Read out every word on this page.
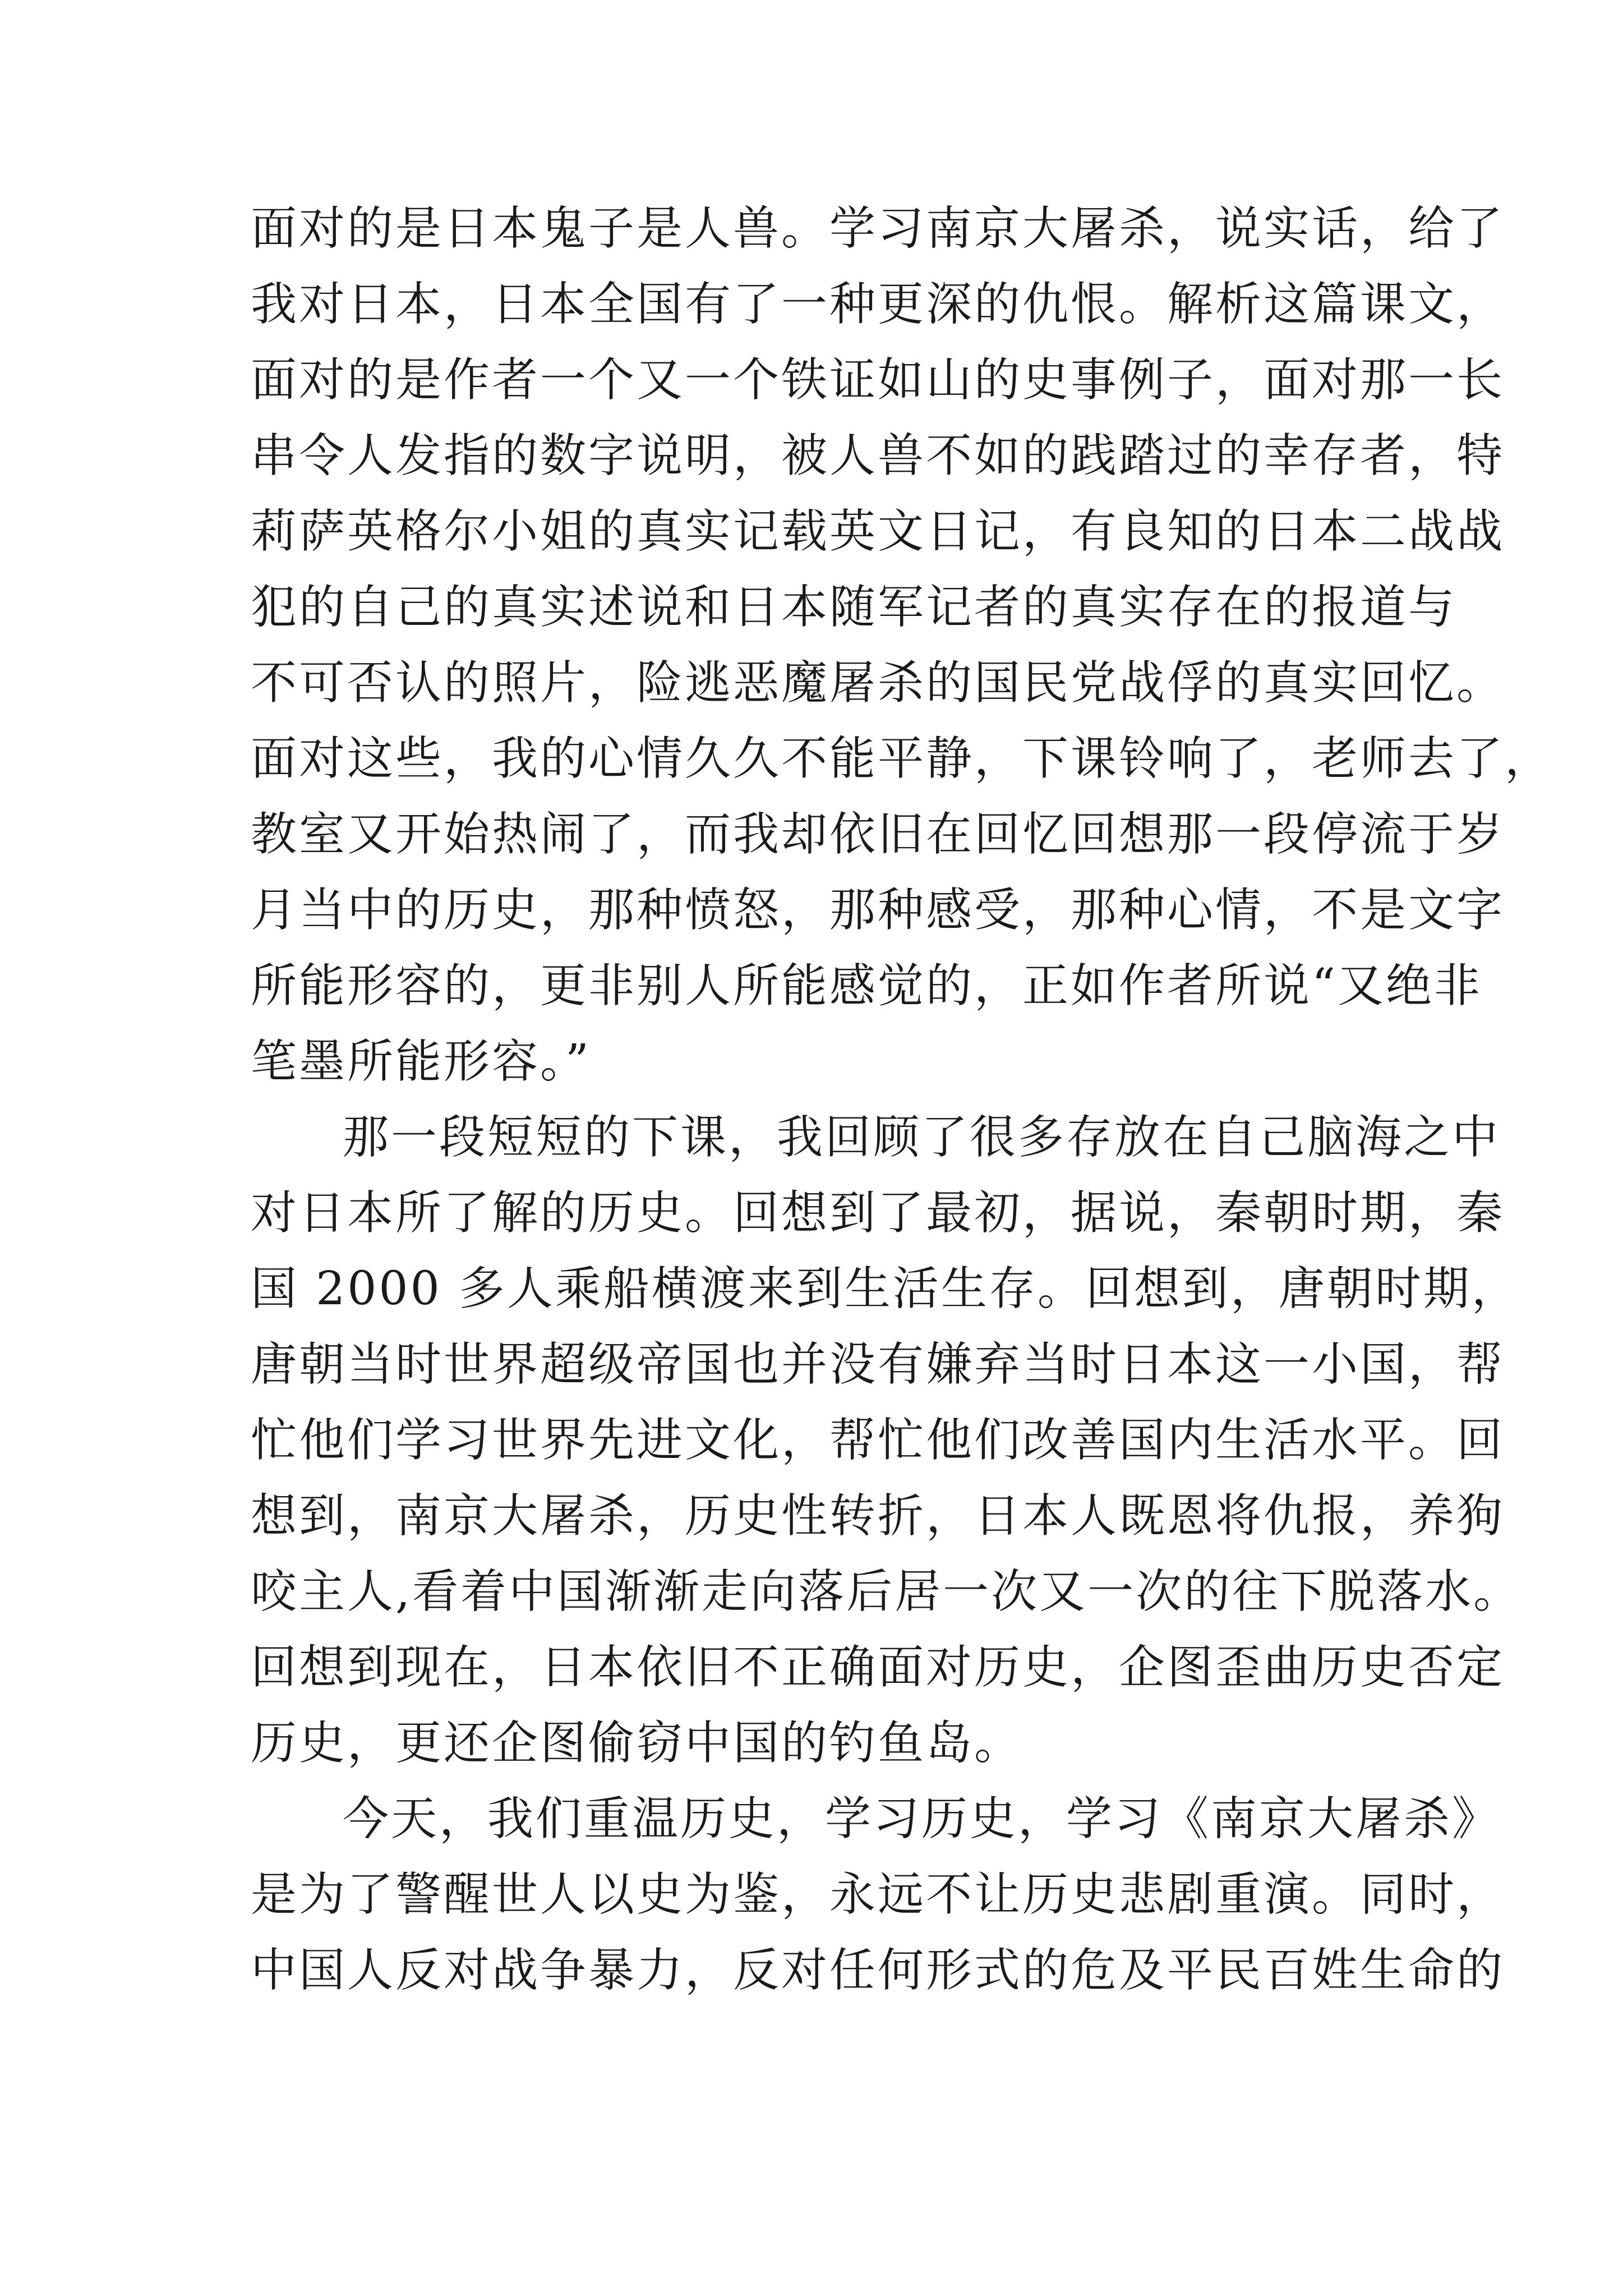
面对的是日本鬼子是人兽。学习南京大屠杀，说实话，给了
我对日本，日本全国有了一种更深的仇恨。解析这篇课文，
面对的是作者一个又一个铁证如山的史事例子，面对那一长
串令人发指的数字说明，被人兽不如的践踏过的幸存者，特
莉萨英格尔小姐的真实记载英文日记，有良知的日本二战战
犯的自己的真实述说和日本随军记者的真实存在的报道与
不可否认的照片，险逃恶魔屠杀的国民党战俘的真实回忆。
面对这些，我的心情久久不能平静，下课铃响了，老师去了，
教室又开始热闹了，而我却依旧在回忆回想那一段停流于岁
月当中的历史，那种愤怒，那种感受，那种心情，不是文字
所能形容的，更非别人所能感觉的，正如作者所说“又绝非
笔墨所能形容。”
那一段短短的下课，我回顾了很多存放在自己脑海之中
对日本所了解的历史。回想到了最初，据说，秦朝时期，秦
国 2000 多人乘船横渡来到生活生存。回想到，唐朝时期，
唐朝当时世界超级帝国也并没有嫌弃当时日本这一小国，帮
忙他们学习世界先进文化，帮忙他们改善国内生活水平。回
想到，南京大屠杀，历史性转折，日本人既恩将仇报，养狗
咬主人,看着中国渐渐走向落后居一次又一次的往下脱落水。
回想到现在，日本依旧不正确面对历史，企图歪曲历史否定
历史，更还企图偷窃中国的钓鱼岛。
今天，我们重温历史，学习历史，学习《南京大屠杀》
是为了警醒世人以史为鉴，永远不让历史悲剧重演。同时，
中国人反对战争暴力，反对任何形式的危及平民百姓生命的
